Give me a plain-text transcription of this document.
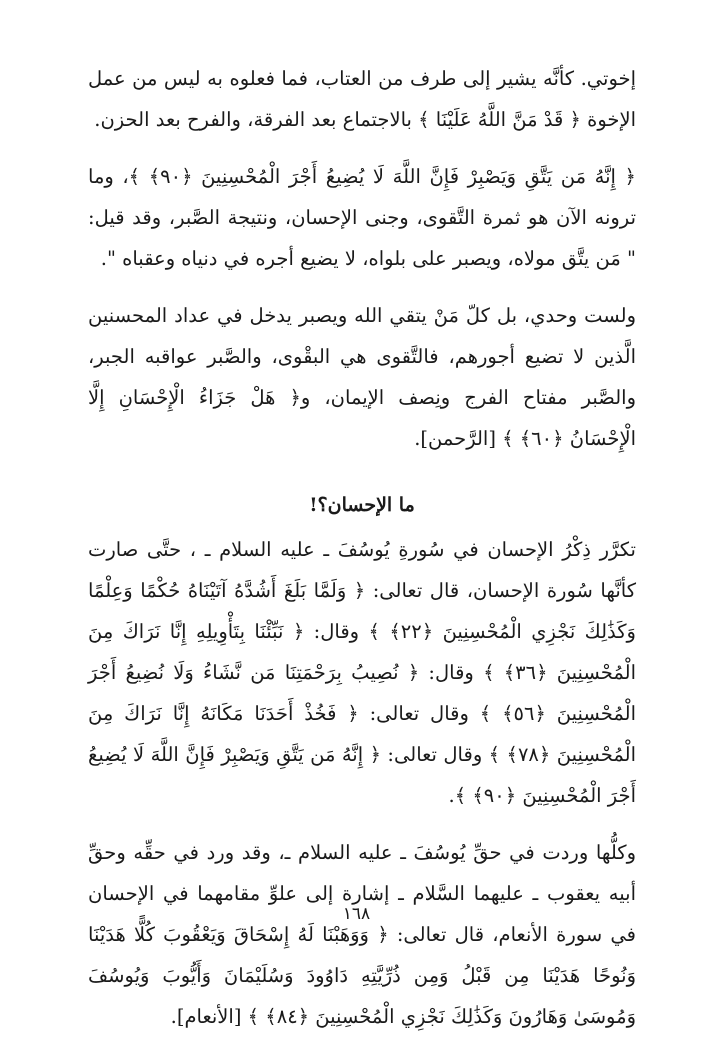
إخوتي. كأنَّه يشير إلى طرف من العتاب، فما فعلوه به ليس من عمل الإخوة ﴿ قَدْ مَنَّ اللَّهُ عَلَيْنَا ﴾ بالاجتماع بعد الفرقة، والفرح بعد الحزن.

﴿ إِنَّهُ مَن يَتَّقِ وَيَصْبِرْ فَإِنَّ اللَّهَ لَا يُضِيعُ أَجْرَ الْمُحْسِنِينَ ﴿٩٠﴾ ﴾، وما ترونه الآن هو ثمرة التَّقوى، وجنى الإحسان، ونتيجة الصَّبر، وقد قيل: " مَن يتَّق مولاه، ويصبر على بلواه، لا يضيع أجره في دنياه وعقباه ".

ولست وحدي، بل كلّ مَنْ يتقي الله ويصبر يدخل في عداد المحسنين الَّذين لا تضيع أجورهم، فالتَّقوى هي البقْوى، والصَّبر عواقبه الجبر، والصَّبر مفتاح الفرج ونِصف الإيمان، و﴿ هَلْ جَزَاءُ الْإِحْسَانِ إِلَّا الْإِحْسَانُ ﴿٦٠﴾ ﴾ [الرَّحمن].

ما الإحسان؟!

تكرَّر ذِكْرُ الإحسان في سُورةِ يُوسُفَ ـ عليه السلام ـ ، حتَّى صارت كأنَّها سُورة الإحسان، قال تعالى: ﴿ وَلَمَّا بَلَغَ أَشُدَّهُ آتَيْنَاهُ حُكْمًا وَعِلْمًا وَكَذَٰلِكَ نَجْزِي الْمُحْسِنِينَ ﴿٢٢﴾ ﴾ وقال: ﴿ نَبِّئْنَا بِتَأْوِيلِهِ إِنَّا نَرَاكَ مِنَ الْمُحْسِنِينَ ﴿٣٦﴾ ﴾ وقال: ﴿ نُصِيبُ بِرَحْمَتِنَا مَن نَّشَاءُ وَلَا نُضِيعُ أَجْرَ الْمُحْسِنِينَ ﴿٥٦﴾ ﴾ وقال تعالى: ﴿ فَخُذْ أَحَدَنَا مَكَانَهُ إِنَّا نَرَاكَ مِنَ الْمُحْسِنِينَ ﴿٧٨﴾ ﴾ وقال تعالى: ﴿ إِنَّهُ مَن يَتَّقِ وَيَصْبِرْ فَإِنَّ اللَّهَ لَا يُضِيعُ أَجْرَ الْمُحْسِنِينَ ﴿٩٠﴾ ﴾.

وكلُّها وردت في حقِّ يُوسُفَ ـ عليه السلام ـ، وقد ورد في حقِّه وحقِّ أبيه يعقوب ـ عليهما السَّلام ـ إشارة إلى علوِّ مقامهما في الإحسان في سورة الأنعام، قال تعالى: ﴿ وَوَهَبْنَا لَهُ إِسْحَاقَ وَيَعْقُوبَ كُلًّا هَدَيْنَا وَنُوحًا هَدَيْنَا مِن قَبْلُ وَمِن ذُرِّيَّتِهِ دَاوُودَ وَسُلَيْمَانَ وَأَيُّوبَ وَيُوسُفَ وَمُوسَىٰ وَهَارُونَ وَكَذَٰلِكَ نَجْزِي الْمُحْسِنِينَ ﴿٨٤﴾ ﴾ [الأنعام].

١٦٨
